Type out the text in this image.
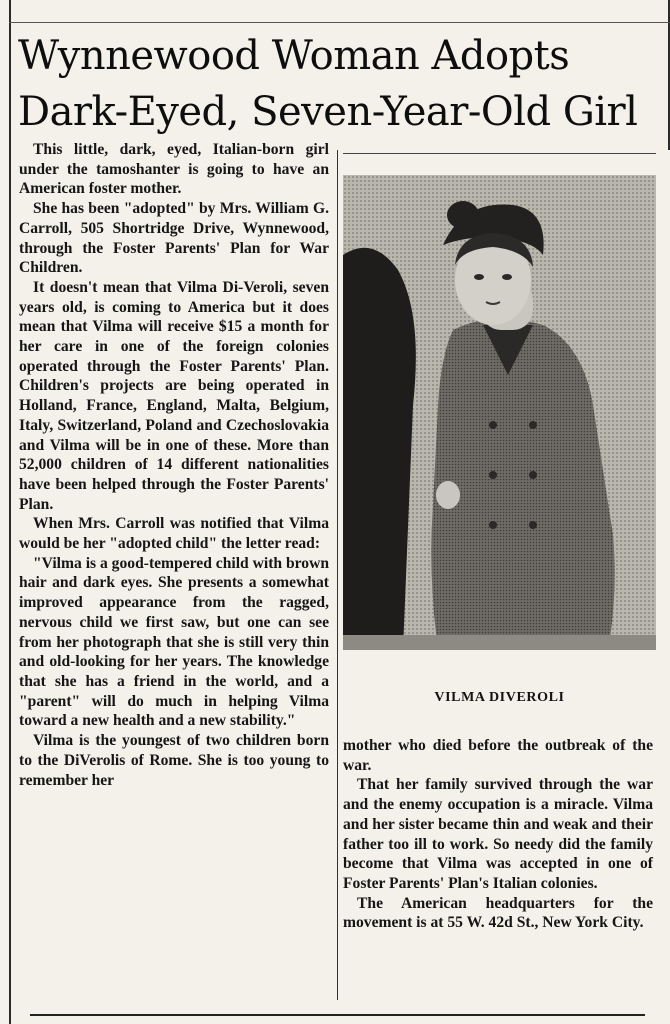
Wynnewood Woman Adopts
Dark-Eyed, Seven-Year-Old Girl

This little, dark, eyed, Italian-born girl under the tamoshanter is going to have an American foster mother.

She has been "adopted" by Mrs. William G. Carroll, 505 Shortridge Drive, Wynnewood, through the Foster Parents' Plan for War Children.

It doesn't mean that Vilma Di-Veroli, seven years old, is coming to America but it does mean that Vilma will receive $15 a month for her care in one of the foreign colonies operated through the Foster Parents' Plan. Children's projects are being operated in Holland, France, England, Malta, Belgium, Italy, Switzerland, Poland and Czechoslovakia and Vilma will be in one of these. More than 52,000 children of 14 different nationalities have been helped through the Foster Parents' Plan.

When Mrs. Carroll was notified that Vilma would be her "adopted child" the letter read:

"Vilma is a good-tempered child with brown hair and dark eyes. She presents a somewhat improved appearance from the ragged, nervous child we first saw, but one can see from her photograph that she is still very thin and old-looking for her years. The knowledge that she has a friend in the world, and a "parent" will do much in helping Vilma toward a new health and a new stability."

Vilma is the youngest of two children born to the DiVerolis of Rome. She is too young to remember her

VILMA DIVEROLI

mother who died before the outbreak of the war.

That her family survived through the war and the enemy occupation is a miracle. Vilma and her sister became thin and weak and their father too ill to work. So needy did the family become that Vilma was accepted in one of Foster Parents' Plan's Italian colonies.

The American headquarters for the movement is at 55 W. 42d St., New York City.
